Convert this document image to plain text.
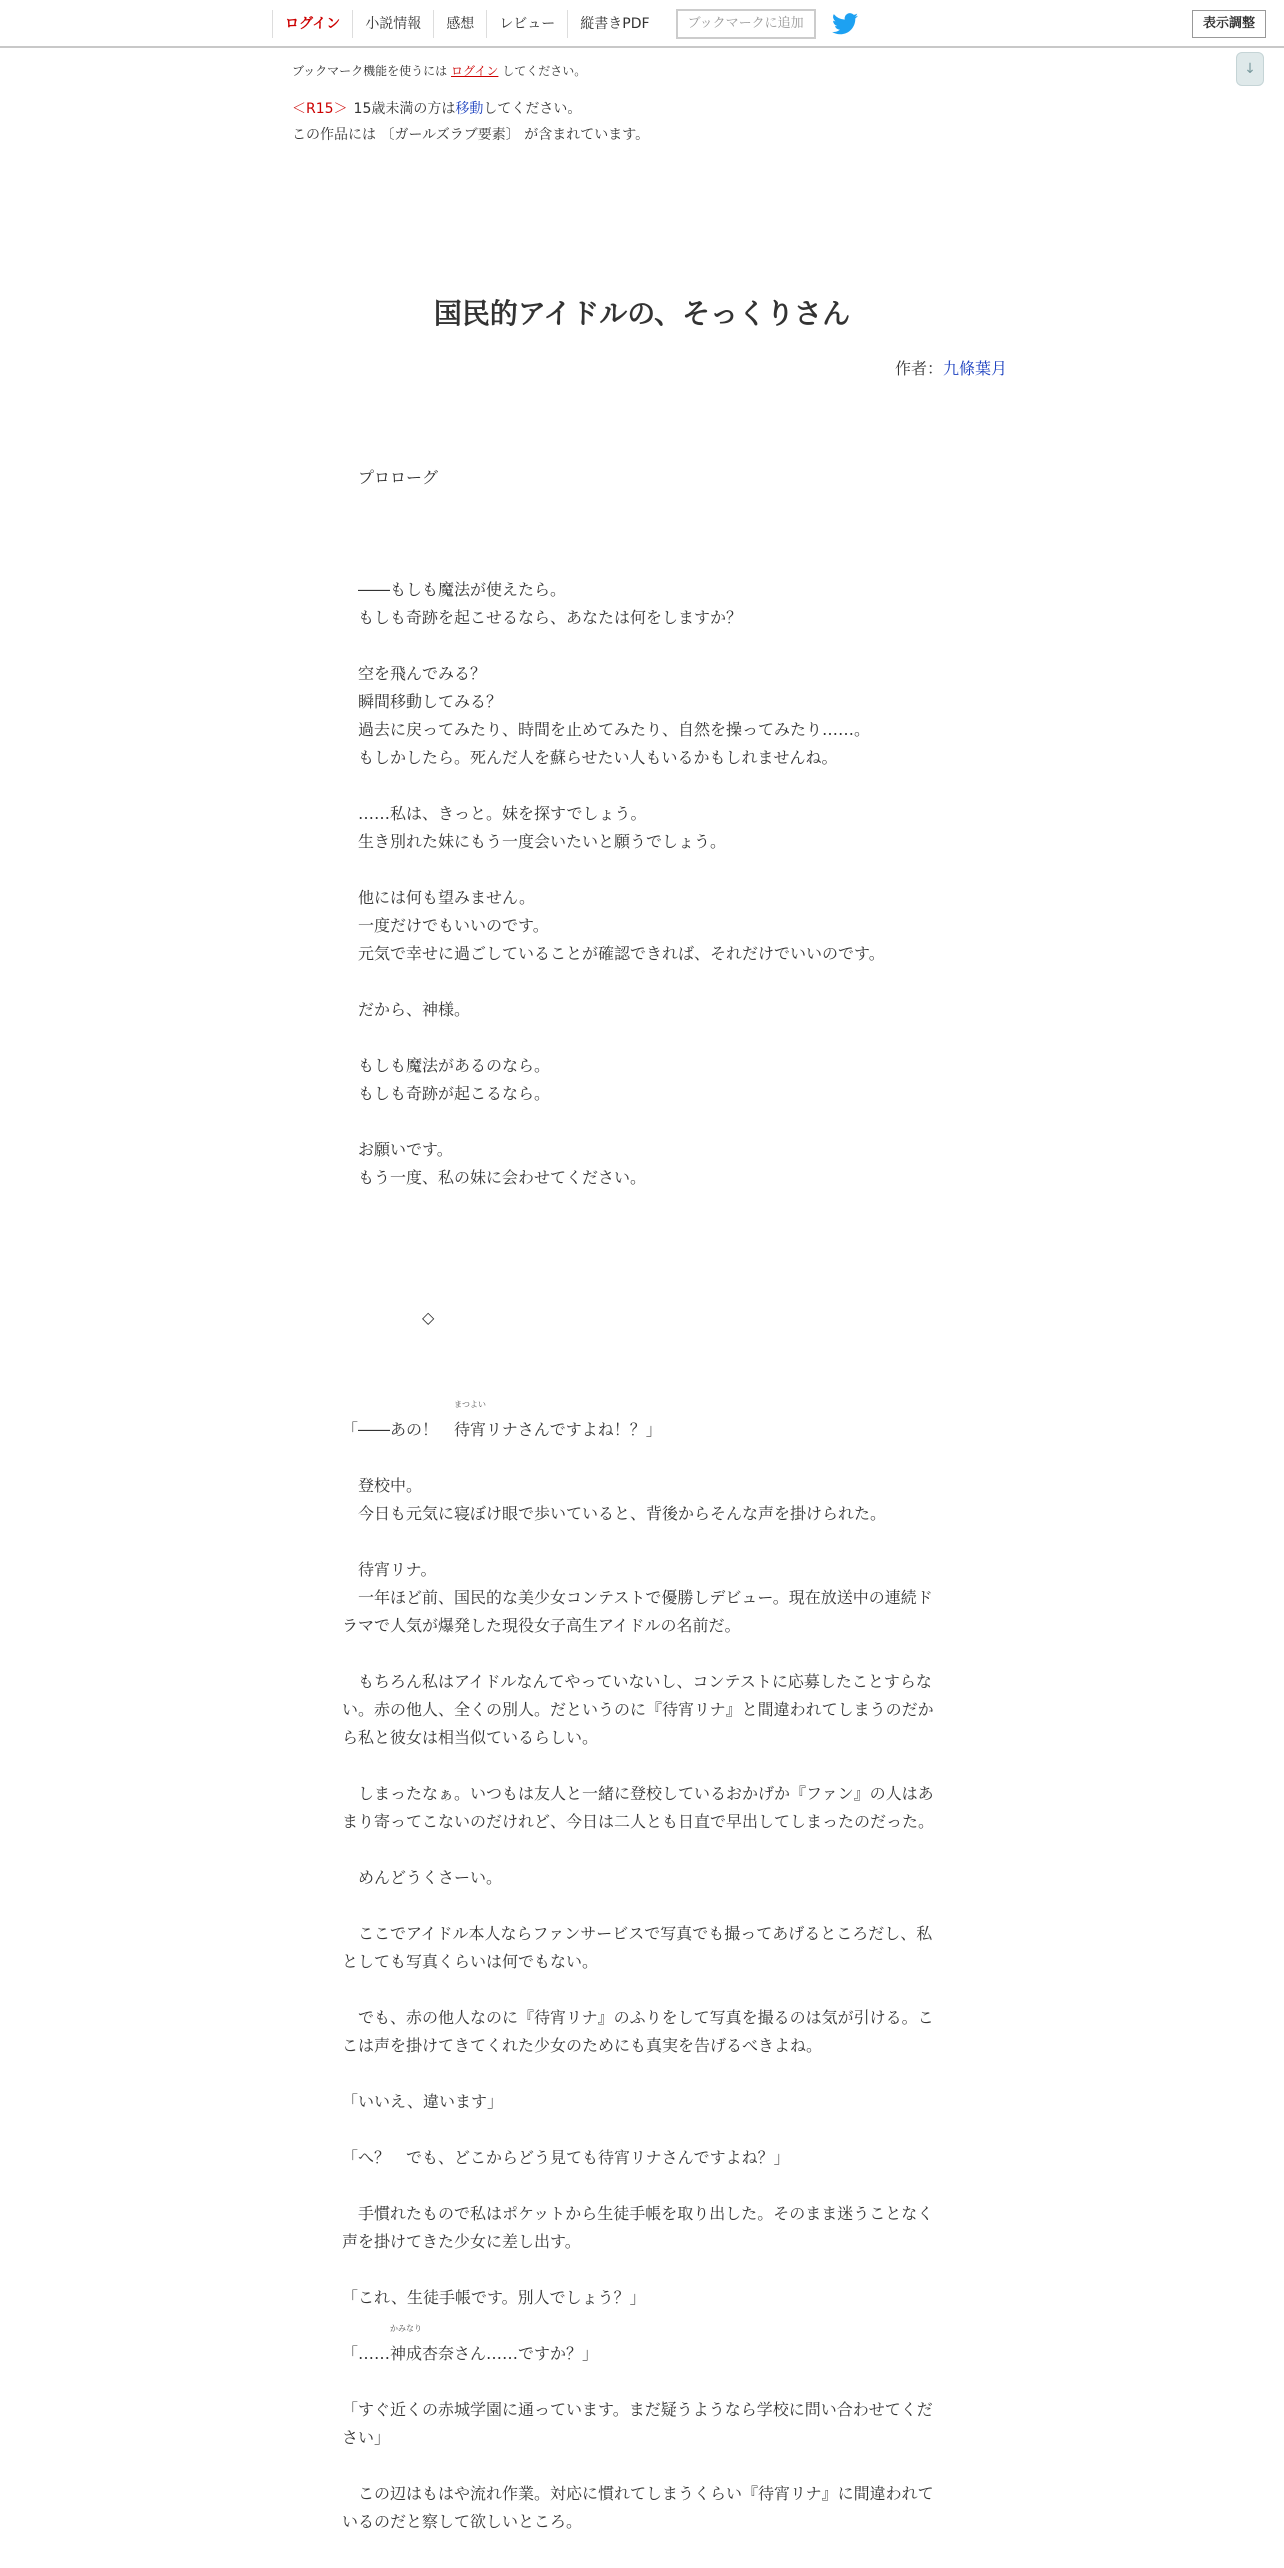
ログイン	小説情報	感想	レビュー	縦書きPDF	ブックマークに追加	表示調整
↓
ブックマーク機能を使うには ログイン してください。
＜R15＞ 15歳未満の方は移動してください。
この作品には 〔ガールズラブ要素〕 が含まれています。
国民的アイドルの、そっくりさん
作者：九條葉月
　プロローグ
　――もしも魔法が使えたら。
　もしも奇跡を起こせるなら、あなたは何をしますか？
　空を飛んでみる？
　瞬間移動してみる？
　過去に戻ってみたり、時間を止めてみたり、自然を操ってみたり……。
　もしかしたら。死んだ人を蘇らせたい人もいるかもしれませんね。
　……私は、きっと。妹を探すでしょう。
　生き別れた妹にもう一度会いたいと願うでしょう。
　他には何も望みません。
　一度だけでもいいのです。
　元気で幸せに過ごしていることが確認できれば、それだけでいいのです。
　だから、神様。
　もしも魔法があるのなら。
　もしも奇跡が起こるなら。
　お願いです。
　もう一度、私の妹に会わせてください。
　　　　　◇
「――あの！　待宵
まつよい
リナさんですよね！？」
　登校中。
　今日も元気に寝ぼけ眼で歩いていると、背後からそんな声を掛けられた。
　待宵リナ。
　一年ほど前、国民的な美少女コンテストで優勝しデビュー。現在放送中の連続ド
ラマで人気が爆発した現役女子高生アイドルの名前だ。
　もちろん私はアイドルなんてやっていないし、コンテストに応募したことすらな
い。赤の他人、全くの別人。だというのに『待宵リナ』と間違われてしまうのだか
ら私と彼女は相当似ているらしい。
　しまったなぁ。いつもは友人と一緒に登校しているおかげか『ファン』の人はあ
まり寄ってこないのだけれど、今日は二人とも日直で早出してしまったのだった。
　めんどうくさーい。
　ここでアイドル本人ならファンサービスで写真でも撮ってあげるところだし、私
としても写真くらいは何でもない。
　でも、赤の他人なのに『待宵リナ』のふりをして写真を撮るのは気が引ける。こ
こは声を掛けてきてくれた少女のためにも真実を告げるべきよね。
「いいえ、違います」
「へ？　でも、どこからどう見ても待宵リナさんですよね？」
　手慣れたもので私はポケットから生徒手帳を取り出した。そのまま迷うことなく
声を掛けてきた少女に差し出す。
「これ、生徒手帳です。別人でしょう？」
「……神成
かみなり
杏奈さん……ですか？」
「すぐ近くの赤城学園に通っています。まだ疑うようなら学校に問い合わせてくだ
さい」
　この辺はもはや流れ作業。対応に慣れてしまうくらい『待宵リナ』に間違われて
いるのだと察して欲しいところ。
